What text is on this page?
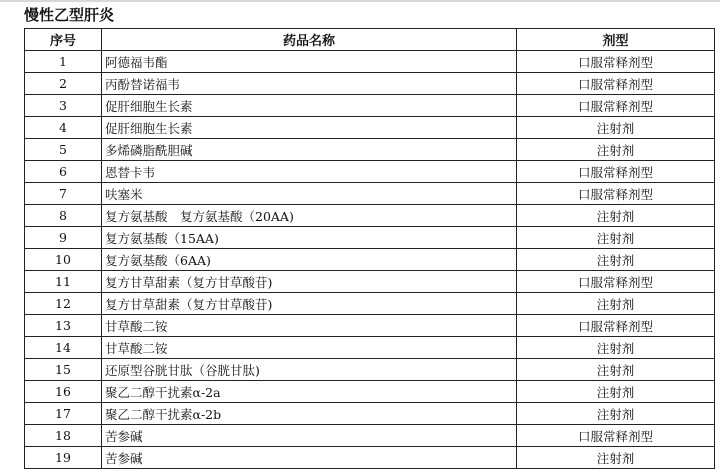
慢性乙型肝炎
序号	药品名称	剂型
1	阿德福韦酯	口服常释剂型
2	丙酚替诺福韦	口服常释剂型
3	促肝细胞生长素	口服常释剂型
4	促肝细胞生长素	注射剂
5	多烯磷脂酰胆碱	注射剂
6	恩替卡韦	口服常释剂型
7	呋塞米	口服常释剂型
8	复方氨基酸　复方氨基酸（20AA)	注射剂
9	复方氨基酸（15AA)	注射剂
10	复方氨基酸（6AA)	注射剂
11	复方甘草甜素（复方甘草酸苷)	口服常释剂型
12	复方甘草甜素（复方甘草酸苷)	注射剂
13	甘草酸二铵	口服常释剂型
14	甘草酸二铵	注射剂
15	还原型谷胱甘肽（谷胱甘肽)	注射剂
16	聚乙二醇干扰素α-2a	注射剂
17	聚乙二醇干扰素α-2b	注射剂
18	苦参碱	口服常释剂型
19	苦参碱	注射剂
